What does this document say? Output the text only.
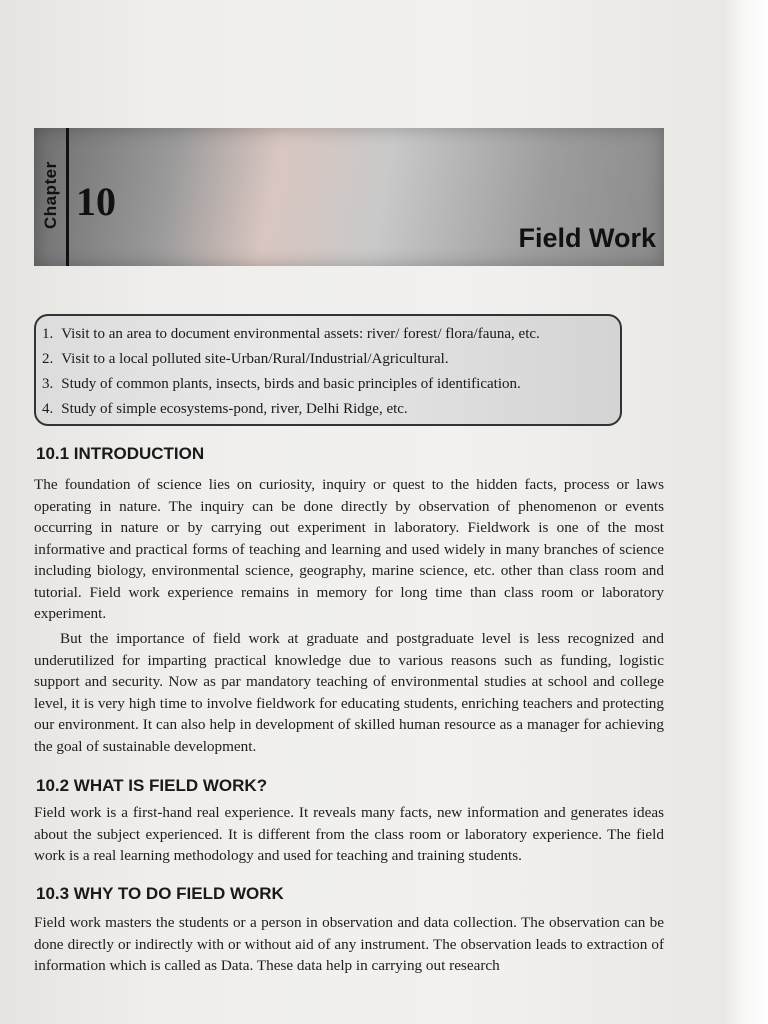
Chapter 10
Field Work
1. Visit to an area to document environmental assets: river/ forest/ flora/fauna, etc.
2. Visit to a local polluted site-Urban/Rural/Industrial/Agricultural.
3. Study of common plants, insects, birds and basic principles of identification.
4. Study of simple ecosystems-pond, river, Delhi Ridge, etc.
10.1 INTRODUCTION
The foundation of science lies on curiosity, inquiry or quest to the hidden facts, process or laws operating in nature. The inquiry can be done directly by observation of phenomenon or events occurring in nature or by carrying out experiment in laboratory. Fieldwork is one of the most informative and practical forms of teaching and learning and used widely in many branches of science including biology, environmental science, geography, marine science, etc. other than class room and tutorial. Field work experience remains in memory for long time than class room or laboratory experiment.
But the importance of field work at graduate and postgraduate level is less recognized and underutilized for imparting practical knowledge due to various reasons such as funding, logistic support and security. Now as par mandatory teaching of environmental studies at school and college level, it is very high time to involve fieldwork for educating students, enriching teachers and protecting our environment. It can also help in development of skilled human resource as a manager for achieving the goal of sustainable development.
10.2 WHAT IS FIELD WORK?
Field work is a first-hand real experience. It reveals many facts, new information and generates ideas about the subject experienced. It is different from the class room or laboratory experience. The field work is a real learning methodology and used for teaching and training students.
10.3 WHY TO DO FIELD WORK
Field work masters the students or a person in observation and data collection. The observation can be done directly or indirectly with or without aid of any instrument. The observation leads to extraction of information which is called as Data. These data help in carrying out research
